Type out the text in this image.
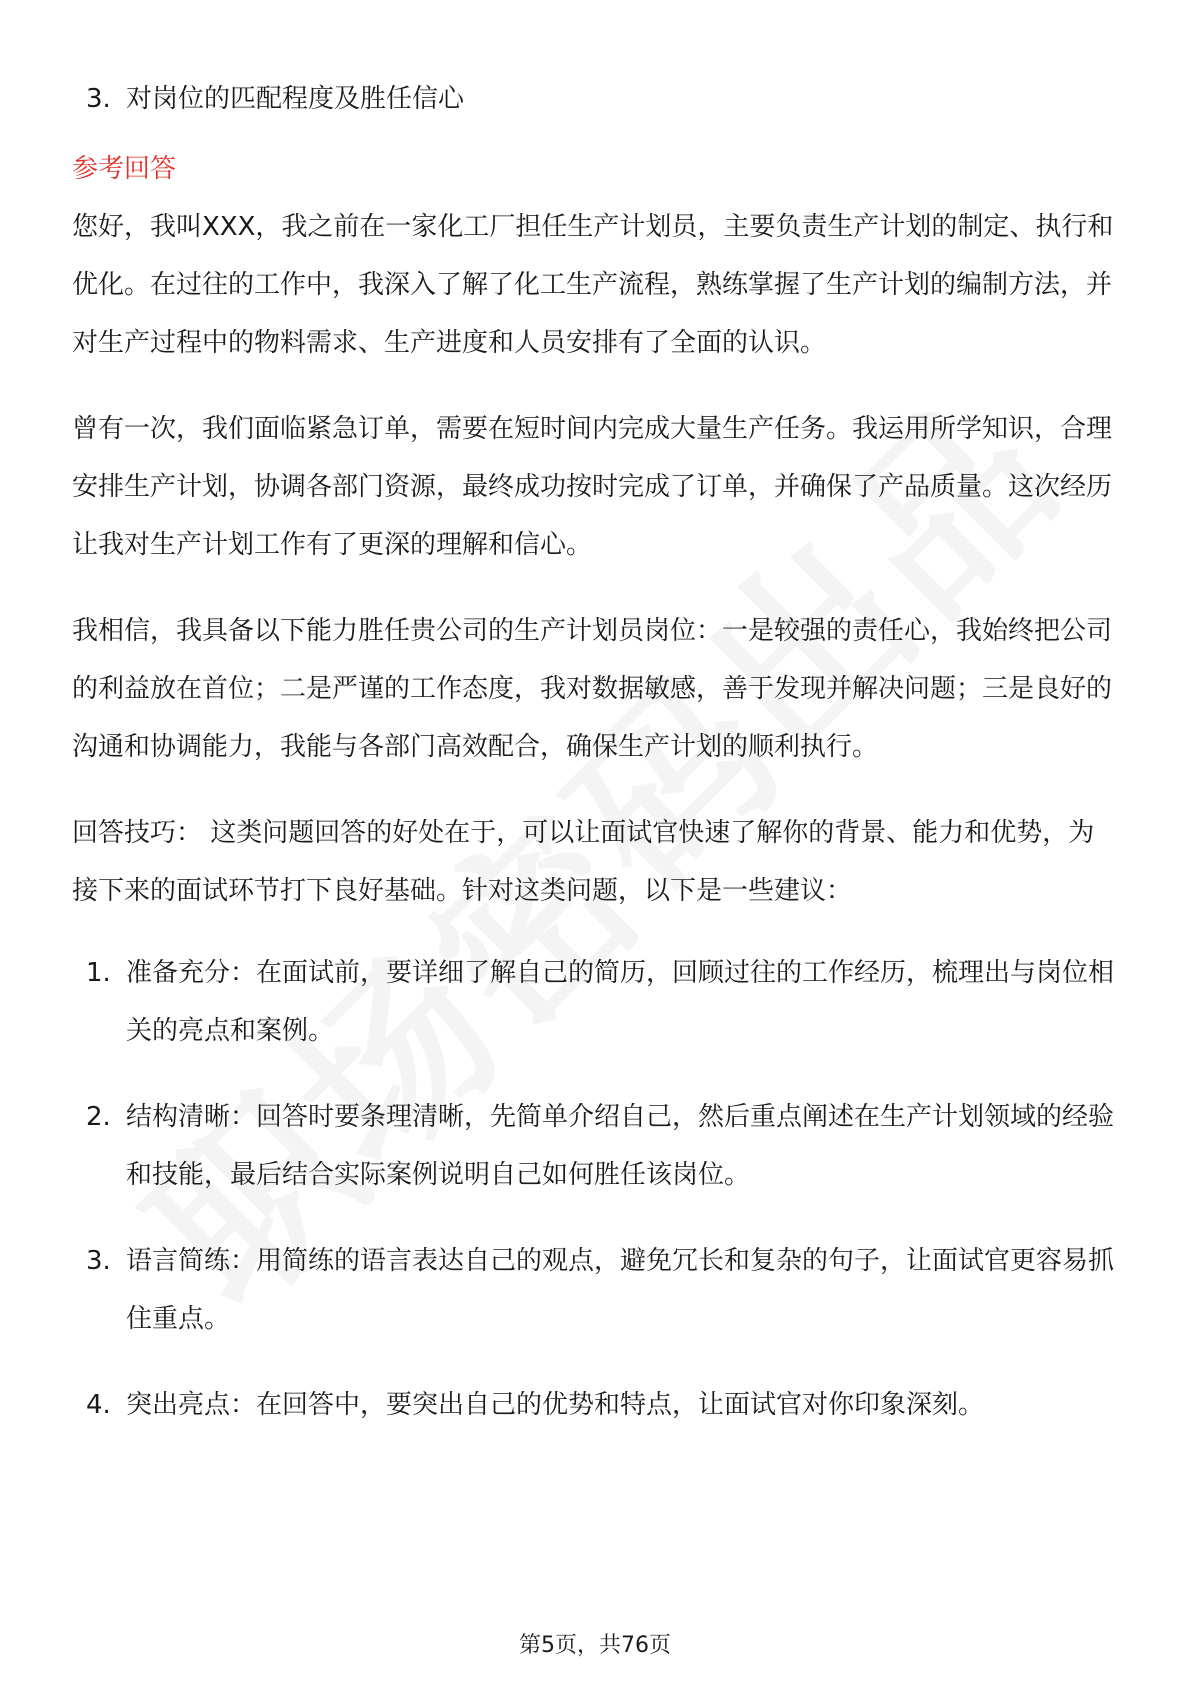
3. 对岗位的匹配程度及胜任信心
参考回答

您好，我叫XXX，我之前在一家化工厂担任生产计划员，主要负责生产计划的制定、执行和优化。在过往的工作中，我深入了解了化工生产流程，熟练掌握了生产计划的编制方法，并对生产过程中的物料需求、生产进度和人员安排有了全面的认识。

曾有一次，我们面临紧急订单，需要在短时间内完成大量生产任务。我运用所学知识，合理安排生产计划，协调各部门资源，最终成功按时完成了订单，并确保了产品质量。这次经历让我对生产计划工作有了更深的理解和信心。

我相信，我具备以下能力胜任贵公司的生产计划员岗位：一是较强的责任心，我始终把公司的利益放在首位；二是严谨的工作态度，我对数据敏感，善于发现并解决问题；三是良好的沟通和协调能力，我能与各部门高效配合，确保生产计划的顺利执行。

回答技巧： 这类问题回答的好处在于，可以让面试官快速了解你的背景、能力和优势，为接下来的面试环节打下良好基础。针对这类问题，以下是一些建议：

1. 准备充分：在面试前，要详细了解自己的简历，回顾过往的工作经历，梳理出与岗位相关的亮点和案例。
2. 结构清晰：回答时要条理清晰，先简单介绍自己，然后重点阐述在生产计划领域的经验和技能，最后结合实际案例说明自己如何胜任该岗位。
3. 语言简练：用简练的语言表达自己的观点，避免冗长和复杂的句子，让面试官更容易抓住重点。
4. 突出亮点：在回答中，要突出自己的优势和特点，让面试官对你印象深刻。
第5页，共76页
